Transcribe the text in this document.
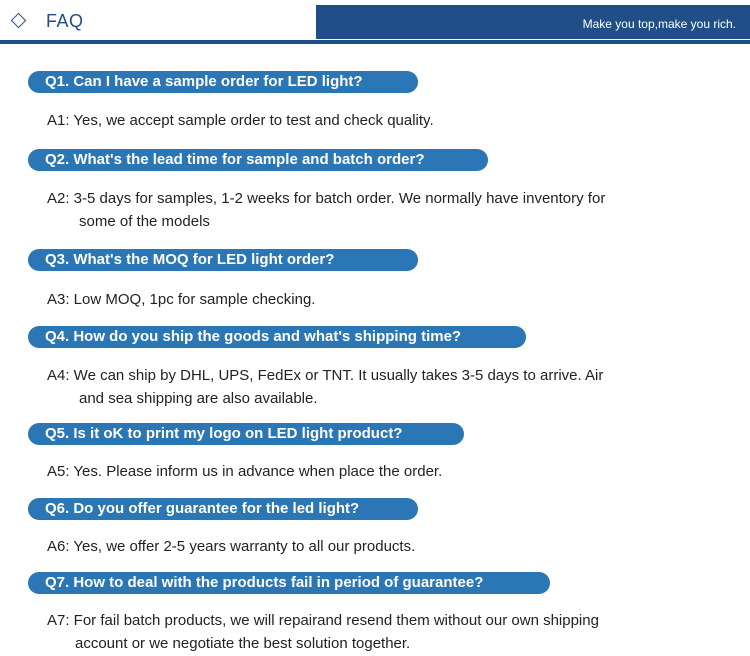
FAQ	Make you top,make you rich.
Q1. Can I have a sample order for LED light?
A1: Yes, we accept sample order to test and check quality.
Q2. What's the lead time for sample and batch order?
A2: 3-5 days for samples, 1-2 weeks for batch order. We normally have inventory for
some of the models
Q3. What's the MOQ for LED light order?
A3: Low MOQ, 1pc for sample checking.
Q4. How do you ship the goods and what's shipping time?
A4: We can ship by DHL, UPS, FedEx or TNT. It usually takes 3-5 days to arrive. Air
and sea shipping are also available.
Q5. Is it oK to print my logo on LED light product?
A5: Yes. Please inform us in advance when place the order.
Q6. Do you offer guarantee for the led light?
A6: Yes, we offer 2-5 years warranty to all our products.
Q7. How to deal with the products fail in period of guarantee?
A7: For fail batch products, we will repairand resend them without our own shipping
account or we negotiate the best solution together.
